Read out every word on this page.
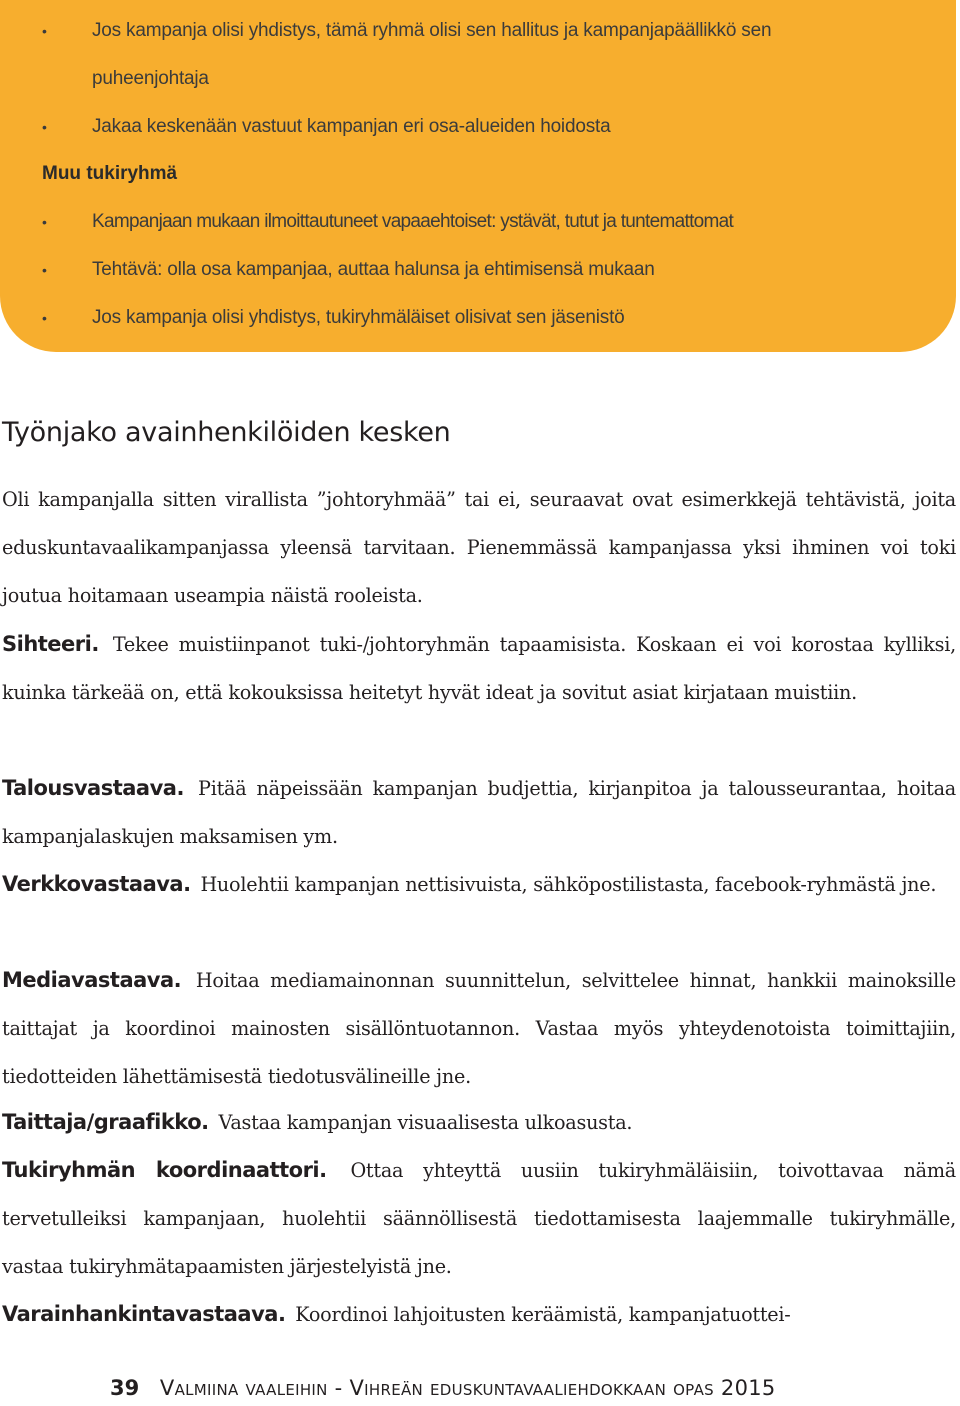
• Jos kampanja olisi yhdistys, tämä ryhmä olisi sen hallitus ja kampanjapäällikkö sen
puheenjohtaja
• Jakaa keskenään vastuut kampanjan eri osa-alueiden hoidosta
Muu tukiryhmä
• Kampanjaan mukaan ilmoittautuneet vapaaehtoiset: ystävät, tutut ja tuntemattomat
• Tehtävä: olla osa kampanjaa, auttaa halunsa ja ehtimisensä mukaan
• Jos kampanja olisi yhdistys, tukiryhmäläiset olisivat sen jäsenistö
Työnjako avainhenkilöiden kesken
Oli kampanjalla sitten virallista ”johtoryhmää” tai ei, seuraavat ovat esimerkkejä tehtävistä, joita eduskuntavaalikampanjassa yleensä tarvitaan. Pienemmässä kampanjassa yksi ihminen voi toki joutua hoitamaan useampia näistä rooleista.
Sihteeri. Tekee muistiinpanot tuki-/johtoryhmän tapaamisista. Koskaan ei voi korostaa kylliksi, kuinka tärkeää on, että kokouksissa heitetyt hyvät ideat ja sovitut asiat kirjataan muistiin.
Talousvastaava. Pitää näpeissään kampanjan budjettia, kirjanpitoa ja talousseurantaa, hoitaa kampanjalaskujen maksamisen ym.
Verkkovastaava. Huolehtii kampanjan nettisivuista, sähköpostilistasta, facebook-ryhmästä jne.
Mediavastaava. Hoitaa mediamainonnan suunnittelun, selvittelee hinnat, hankkii mainoksille taittajat ja koordinoi mainosten sisällöntuotannon. Vastaa myös yhteydenotoista toimittajiin, tiedotteiden lähettämisestä tiedotusvälineille jne.
Taittaja/graafikko. Vastaa kampanjan visuaalisesta ulkoasusta.
Tukiryhmän koordinaattori. Ottaa yhteyttä uusiin tukiryhmäläisiin, toivottavaa nämä tervetulleiksi kampanjaan, huolehtii säännöllisestä tiedottamisesta laajemmalle tukiryhmälle, vastaa tukiryhmätapaamisten järjestelyistä jne.
Varainhankintavastaava. Koordinoi lahjoitusten keräämistä, kampanjatuottei-
39 Valmiina vaaleihin - Vihreän eduskuntavaaliehdokkaan opas 2015
